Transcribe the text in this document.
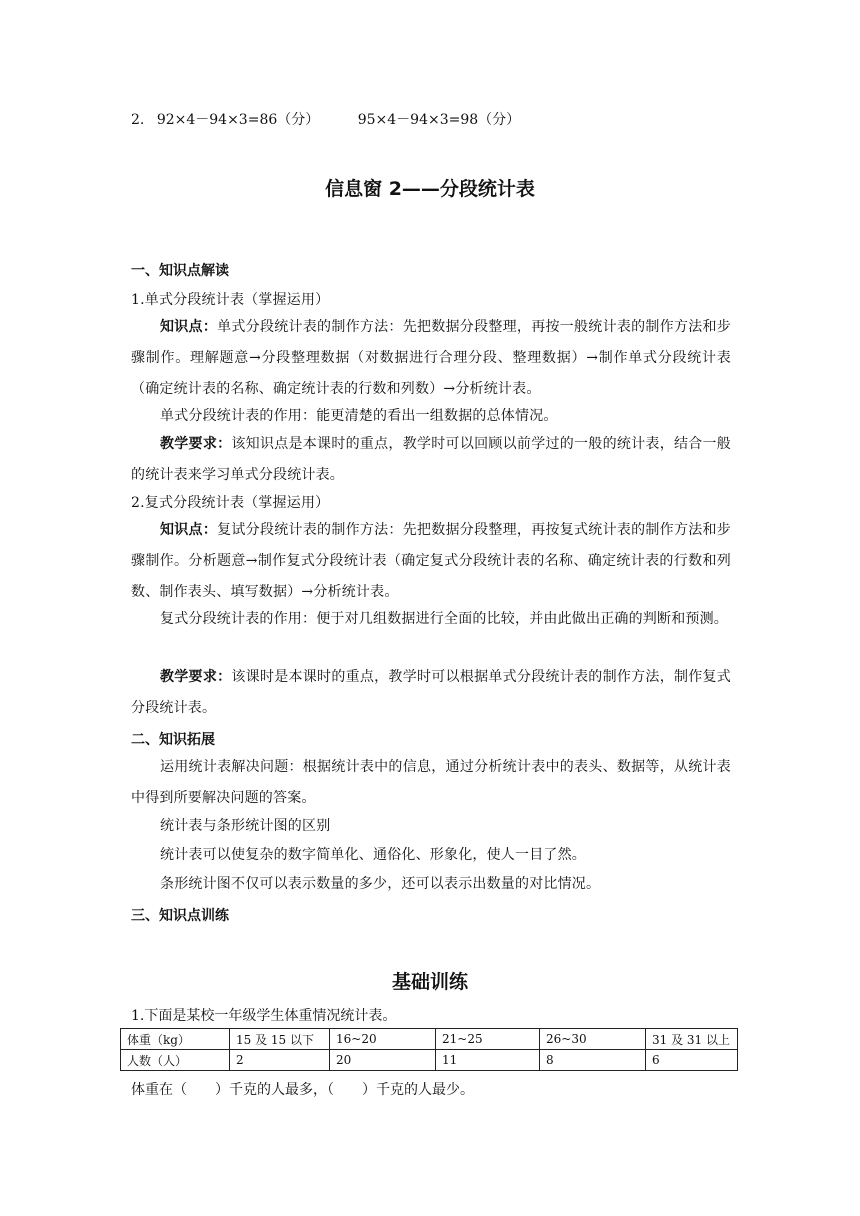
2. 92×4－94×3=86（分）	95×4－94×3=98（分）
信息窗 2——分段统计表
一、知识点解读
1.单式分段统计表（掌握运用）
知识点：单式分段统计表的制作方法：先把数据分段整理，再按一般统计表的制作方法和步骤制作。理解题意→分段整理数据（对数据进行合理分段、整理数据）→制作单式分段统计表（确定统计表的名称、确定统计表的行数和列数）→分析统计表。
单式分段统计表的作用：能更清楚的看出一组数据的总体情况。
教学要求：该知识点是本课时的重点，教学时可以回顾以前学过的一般的统计表，结合一般的统计表来学习单式分段统计表。
2.复式分段统计表（掌握运用）
知识点：复试分段统计表的制作方法：先把数据分段整理，再按复式统计表的制作方法和步骤制作。分析题意→制作复式分段统计表（确定复式分段统计表的名称、确定统计表的行数和列数、制作表头、填写数据）→分析统计表。
复式分段统计表的作用：便于对几组数据进行全面的比较，并由此做出正确的判断和预测。
教学要求：该课时是本课时的重点，教学时可以根据单式分段统计表的制作方法，制作复式分段统计表。
二、知识拓展
运用统计表解决问题：根据统计表中的信息，通过分析统计表中的表头、数据等，从统计表中得到所要解决问题的答案。
统计表与条形统计图的区别
统计表可以使复杂的数字简单化、通俗化、形象化，使人一目了然。
条形统计图不仅可以表示数量的多少，还可以表示出数量的对比情况。
三、知识点训练
基础训练
1.下面是某校一年级学生体重情况统计表。
体重（kg）	15 及 15 以下	16~20	21~25	26~30	31 及 31 以上
人数（人）	2	20	11	8	6
体重在（　　）千克的人最多，（　　）千克的人最少。
